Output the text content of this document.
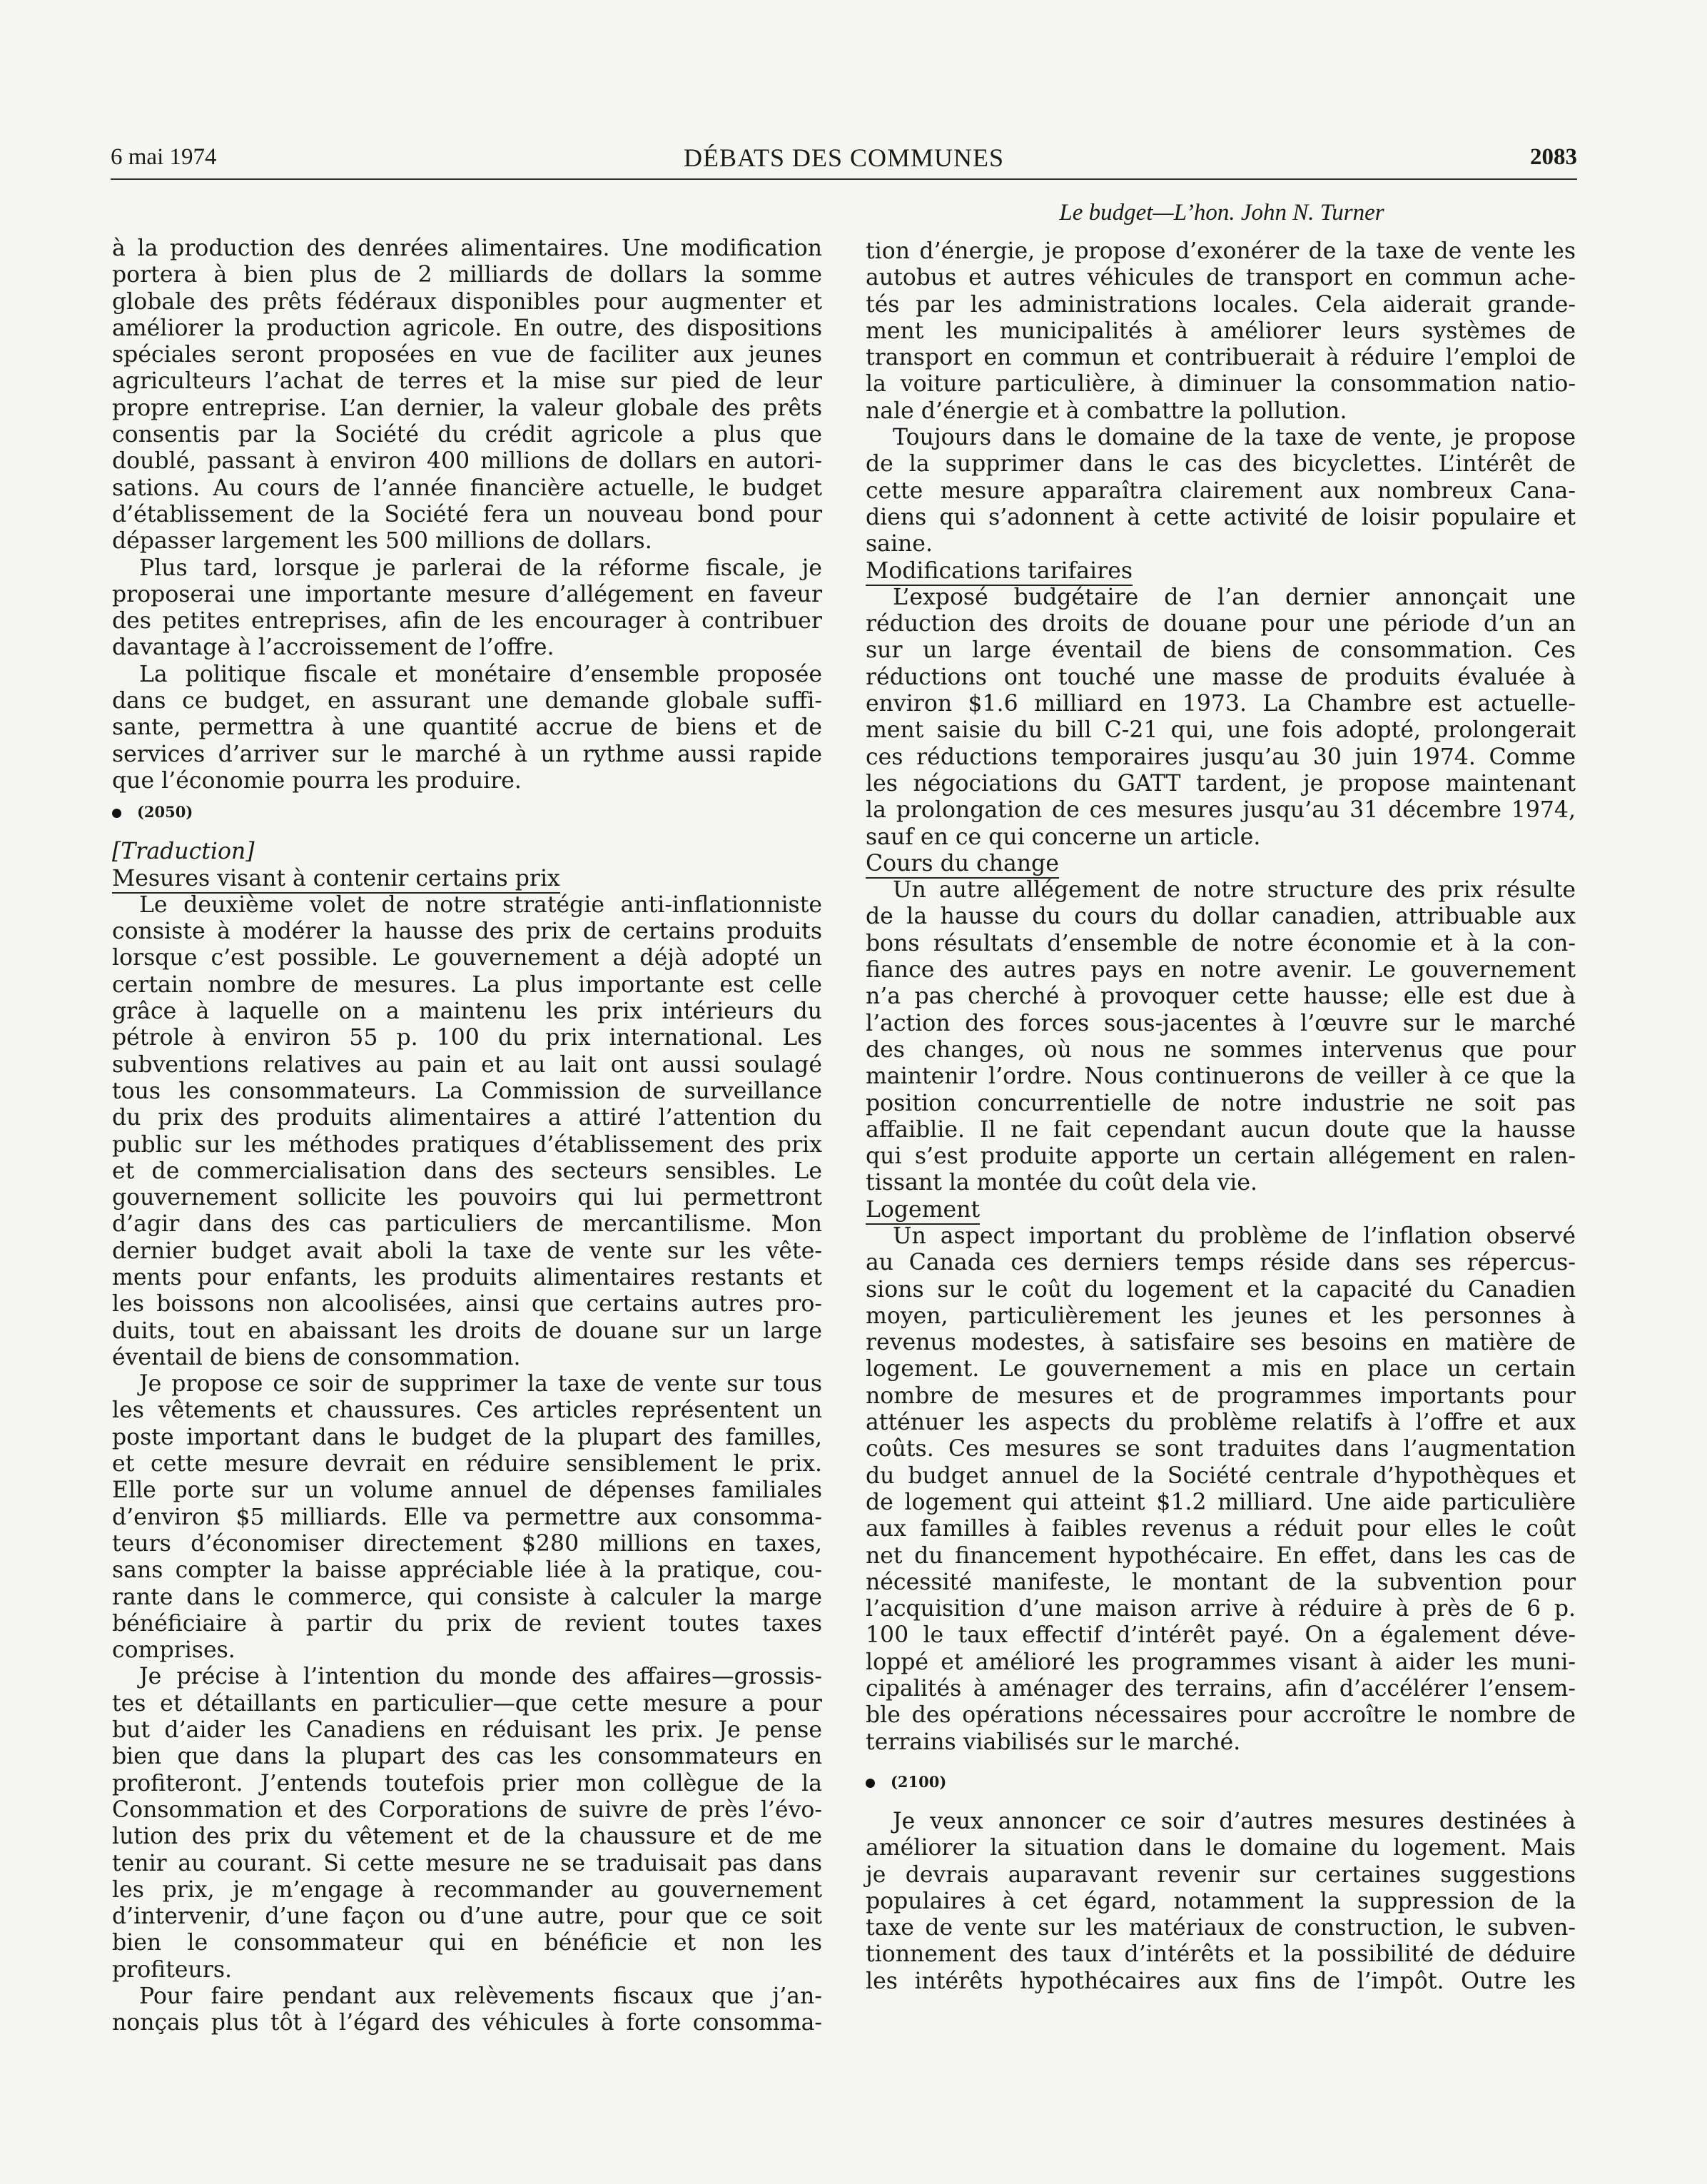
6 mai 1974	DÉBATS DES COMMUNES	2083
Le budget—L’hon. John N. Turner
à la production des denrées alimentaires. Une modification
portera à bien plus de 2 milliards de dollars la somme
globale des prêts fédéraux disponibles pour augmenter et
améliorer la production agricole. En outre, des dispositions
spéciales seront proposées en vue de faciliter aux jeunes
agriculteurs l’achat de terres et la mise sur pied de leur
propre entreprise. L’an dernier, la valeur globale des prêts
consentis par la Société du crédit agricole a plus que
doublé, passant à environ 400 millions de dollars en autori-
sations. Au cours de l’année financière actuelle, le budget
d’établissement de la Société fera un nouveau bond pour
dépasser largement les 500 millions de dollars.
Plus tard, lorsque je parlerai de la réforme fiscale, je
proposerai une importante mesure d’allégement en faveur
des petites entreprises, afin de les encourager à contribuer
davantage à l’accroissement de l’offre.
La politique fiscale et monétaire d’ensemble proposée
dans ce budget, en assurant une demande globale suffi-
sante, permettra à une quantité accrue de biens et de
services d’arriver sur le marché à un rythme aussi rapide
que l’économie pourra les produire.
(2050)
[Traduction]
Mesures visant à contenir certains prix
Le deuxième volet de notre stratégie anti-inflationniste
consiste à modérer la hausse des prix de certains produits
lorsque c’est possible. Le gouvernement a déjà adopté un
certain nombre de mesures. La plus importante est celle
grâce à laquelle on a maintenu les prix intérieurs du
pétrole à environ 55 p. 100 du prix international. Les
subventions relatives au pain et au lait ont aussi soulagé
tous les consommateurs. La Commission de surveillance
du prix des produits alimentaires a attiré l’attention du
public sur les méthodes pratiques d’établissement des prix
et de commercialisation dans des secteurs sensibles. Le
gouvernement sollicite les pouvoirs qui lui permettront
d’agir dans des cas particuliers de mercantilisme. Mon
dernier budget avait aboli la taxe de vente sur les vête-
ments pour enfants, les produits alimentaires restants et
les boissons non alcoolisées, ainsi que certains autres pro-
duits, tout en abaissant les droits de douane sur un large
éventail de biens de consommation.
Je propose ce soir de supprimer la taxe de vente sur tous
les vêtements et chaussures. Ces articles représentent un
poste important dans le budget de la plupart des familles,
et cette mesure devrait en réduire sensiblement le prix.
Elle porte sur un volume annuel de dépenses familiales
d’environ $5 milliards. Elle va permettre aux consomma-
teurs d’économiser directement $280 millions en taxes,
sans compter la baisse appréciable liée à la pratique, cou-
rante dans le commerce, qui consiste à calculer la marge
bénéficiaire à partir du prix de revient toutes taxes
comprises.
Je précise à l’intention du monde des affaires—grossis-
tes et détaillants en particulier—que cette mesure a pour
but d’aider les Canadiens en réduisant les prix. Je pense
bien que dans la plupart des cas les consommateurs en
profiteront. J’entends toutefois prier mon collègue de la
Consommation et des Corporations de suivre de près l’évo-
lution des prix du vêtement et de la chaussure et de me
tenir au courant. Si cette mesure ne se traduisait pas dans
les prix, je m’engage à recommander au gouvernement
d’intervenir, d’une façon ou d’une autre, pour que ce soit
bien le consommateur qui en bénéficie et non les
profiteurs.
Pour faire pendant aux relèvements fiscaux que j’an-
nonçais plus tôt à l’égard des véhicules à forte consomma-
tion d’énergie, je propose d’exonérer de la taxe de vente les
autobus et autres véhicules de transport en commun ache-
tés par les administrations locales. Cela aiderait grande-
ment les municipalités à améliorer leurs systèmes de
transport en commun et contribuerait à réduire l’emploi de
la voiture particulière, à diminuer la consommation natio-
nale d’énergie et à combattre la pollution.
Toujours dans le domaine de la taxe de vente, je propose
de la supprimer dans le cas des bicyclettes. L’intérêt de
cette mesure apparaîtra clairement aux nombreux Cana-
diens qui s’adonnent à cette activité de loisir populaire et
saine.
Modifications tarifaires
L’exposé budgétaire de l’an dernier annonçait une
réduction des droits de douane pour une période d’un an
sur un large éventail de biens de consommation. Ces
réductions ont touché une masse de produits évaluée à
environ $1.6 milliard en 1973. La Chambre est actuelle-
ment saisie du bill C-21 qui, une fois adopté, prolongerait
ces réductions temporaires jusqu’au 30 juin 1974. Comme
les négociations du GATT tardent, je propose maintenant
la prolongation de ces mesures jusqu’au 31 décembre 1974,
sauf en ce qui concerne un article.
Cours du change
Un autre allégement de notre structure des prix résulte
de la hausse du cours du dollar canadien, attribuable aux
bons résultats d’ensemble de notre économie et à la con-
fiance des autres pays en notre avenir. Le gouvernement
n’a pas cherché à provoquer cette hausse; elle est due à
l’action des forces sous-jacentes à l’œuvre sur le marché
des changes, où nous ne sommes intervenus que pour
maintenir l’ordre. Nous continuerons de veiller à ce que la
position concurrentielle de notre industrie ne soit pas
affaiblie. Il ne fait cependant aucun doute que la hausse
qui s’est produite apporte un certain allégement en ralen-
tissant la montée du coût dela vie.
Logement
Un aspect important du problème de l’inflation observé
au Canada ces derniers temps réside dans ses répercus-
sions sur le coût du logement et la capacité du Canadien
moyen, particulièrement les jeunes et les personnes à
revenus modestes, à satisfaire ses besoins en matière de
logement. Le gouvernement a mis en place un certain
nombre de mesures et de programmes importants pour
atténuer les aspects du problème relatifs à l’offre et aux
coûts. Ces mesures se sont traduites dans l’augmentation
du budget annuel de la Société centrale d’hypothèques et
de logement qui atteint $1.2 milliard. Une aide particulière
aux familles à faibles revenus a réduit pour elles le coût
net du financement hypothécaire. En effet, dans les cas de
nécessité manifeste, le montant de la subvention pour
l’acquisition d’une maison arrive à réduire à près de 6 p.
100 le taux effectif d’intérêt payé. On a également déve-
loppé et amélioré les programmes visant à aider les muni-
cipalités à aménager des terrains, afin d’accélérer l’ensem-
ble des opérations nécessaires pour accroître le nombre de
terrains viabilisés sur le marché.
(2100)
Je veux annoncer ce soir d’autres mesures destinées à
améliorer la situation dans le domaine du logement. Mais
je devrais auparavant revenir sur certaines suggestions
populaires à cet égard, notamment la suppression de la
taxe de vente sur les matériaux de construction, le subven-
tionnement des taux d’intérêts et la possibilité de déduire
les intérêts hypothécaires aux fins de l’impôt. Outre les
